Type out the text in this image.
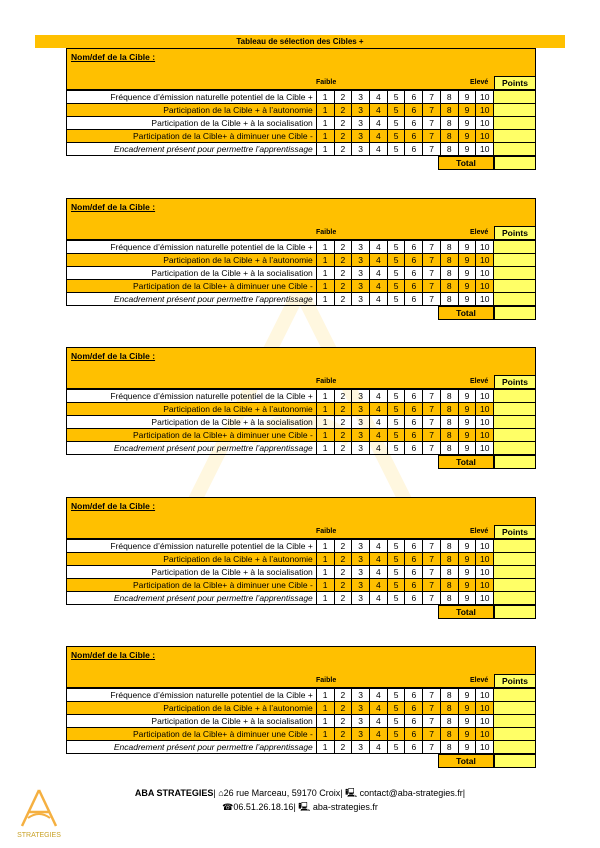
Tableau de sélection des Cibles +
Nom/def de la Cible :
Faible	Elevé	Points
Fréquence d’émission naturelle potentiel de la Cible +	1	2	3	4	5	6	7	8	9	10	
Participation de la Cible + à l’autonomie	1	2	3	4	5	6	7	8	9	10	
Participation de la Cible + à la socialisation	1	2	3	4	5	6	7	8	9	10	
Participation de la Cible+ à diminuer une Cible -	1	2	3	4	5	6	7	8	9	10	
Encadrement présent pour permettre l’apprentissage	1	2	3	4	5	6	7	8	9	10	
Total
Nom/def de la Cible :
Faible	Elevé	Points
Fréquence d’émission naturelle potentiel de la Cible +	1	2	3	4	5	6	7	8	9	10	
Participation de la Cible + à l’autonomie	1	2	3	4	5	6	7	8	9	10	
Participation de la Cible + à la socialisation	1	2	3	4	5	6	7	8	9	10	
Participation de la Cible+ à diminuer une Cible -	1	2	3	4	5	6	7	8	9	10	
Encadrement présent pour permettre l’apprentissage	1	2	3	4	5	6	7	8	9	10	
Total
Nom/def de la Cible :
Faible	Elevé	Points
Fréquence d’émission naturelle potentiel de la Cible +	1	2	3	4	5	6	7	8	9	10	
Participation de la Cible + à l’autonomie	1	2	3	4	5	6	7	8	9	10	
Participation de la Cible + à la socialisation	1	2	3	4	5	6	7	8	9	10	
Participation de la Cible+ à diminuer une Cible -	1	2	3	4	5	6	7	8	9	10	
Encadrement présent pour permettre l’apprentissage	1	2	3	4	5	6	7	8	9	10	
Total
Nom/def de la Cible :
Faible	Elevé	Points
Fréquence d’émission naturelle potentiel de la Cible +	1	2	3	4	5	6	7	8	9	10	
Participation de la Cible + à l’autonomie	1	2	3	4	5	6	7	8	9	10	
Participation de la Cible + à la socialisation	1	2	3	4	5	6	7	8	9	10	
Participation de la Cible+ à diminuer une Cible -	1	2	3	4	5	6	7	8	9	10	
Encadrement présent pour permettre l’apprentissage	1	2	3	4	5	6	7	8	9	10	
Total
Nom/def de la Cible :
Faible	Elevé	Points
Fréquence d’émission naturelle potentiel de la Cible +	1	2	3	4	5	6	7	8	9	10	
Participation de la Cible + à l’autonomie	1	2	3	4	5	6	7	8	9	10	
Participation de la Cible + à la socialisation	1	2	3	4	5	6	7	8	9	10	
Participation de la Cible+ à diminuer une Cible -	1	2	3	4	5	6	7	8	9	10	
Encadrement présent pour permettre l’apprentissage	1	2	3	4	5	6	7	8	9	10	
Total
STRATEGIES
ABA STRATEGIES| ⌂26 rue Marceau, 59170 Croix| 🖳 contact@aba-strategies.fr|
☎06.51.26.18.16| 🖳 aba-strategies.fr
